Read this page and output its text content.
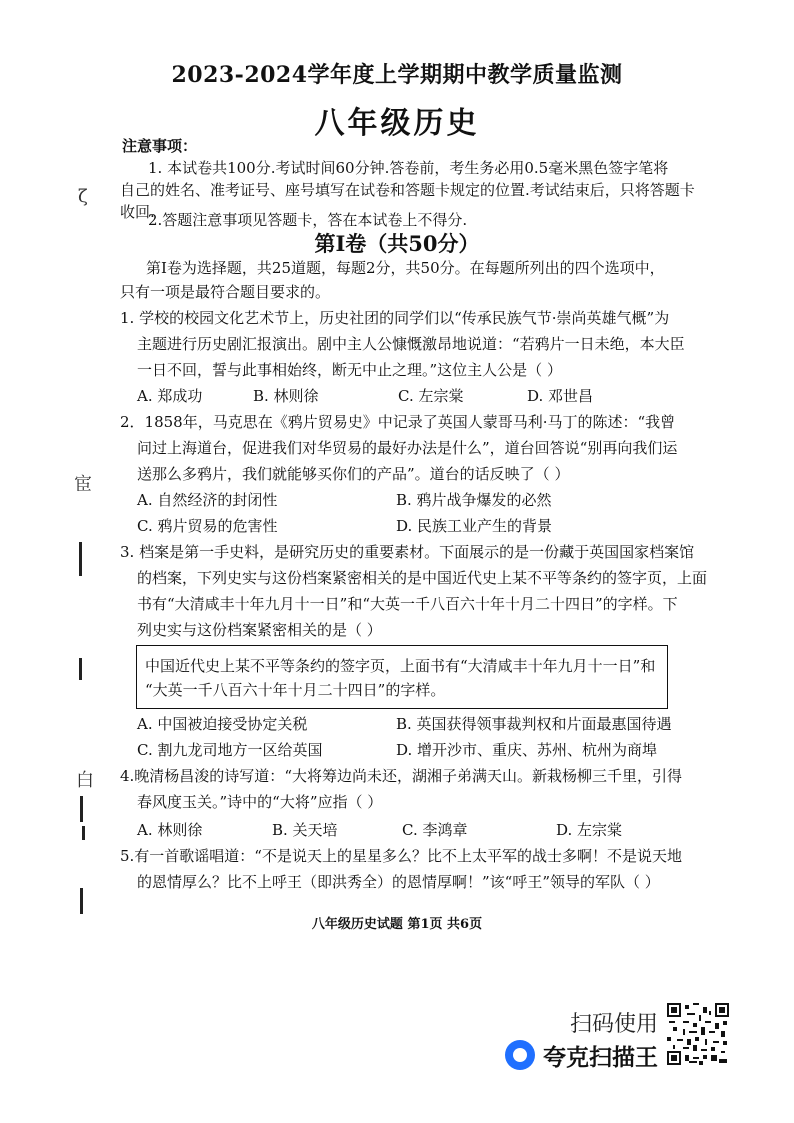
2023-2024学年度上学期期中教学质量监测
八年级历史
注意事项：
1. 本试卷共100分.考试时间60分钟.答卷前，考生务必用0.5毫米黑色签字笔将
自己的姓名、准考证号、座号填写在试卷和答题卡规定的位置.考试结束后，只将答题卡
收回.
2.答题注意事项见答题卡，答在本试卷上不得分.
第Ⅰ卷（共50分）
第Ⅰ卷为选择题，共25道题，每题2分，共50分。在每题所列出的四个选项中，
只有一项是最符合题目要求的。
1. 学校的校园文化艺术节上，历史社团的同学们以“传承民族气节·崇尚英雄气概”为
主题进行历史剧汇报演出。剧中主人公慷慨激昂地说道：“若鸦片一日未绝，本大臣
一日不回，誓与此事相始终，断无中止之理。”这位主人公是（ ）
A. 郑成功	B. 林则徐	C. 左宗棠	D. 邓世昌
2．1858年，马克思在《鸦片贸易史》中记录了英国人蒙哥马利·马丁的陈述：“我曾
问过上海道台，促进我们对华贸易的最好办法是什么”，道台回答说“别再向我们运
送那么多鸦片，我们就能够买你们的产品”。道台的话反映了（ ）
A. 自然经济的封闭性	B. 鸦片战争爆发的必然
C. 鸦片贸易的危害性	D. 民族工业产生的背景
3. 档案是第一手史料，是研究历史的重要素材。下面展示的是一份藏于英国国家档案馆
的档案，下列史实与这份档案紧密相关的是中国近代史上某不平等条约的签字页，上面
书有“大清咸丰十年九月十一日”和“大英一千八百六十年十月二十四日”的字样。下
列史实与这份档案紧密相关的是（ ）
中国近代史上某不平等条约的签字页，上面书有“大清咸丰十年九月十一日”和
“大英一千八百六十年十月二十四日”的字样。
A. 中国被迫接受协定关税	B. 英国获得领事裁判权和片面最惠国待遇
C. 割九龙司地方一区给英国	D. 增开沙市、重庆、苏州、杭州为商埠
4.晚清杨昌浚的诗写道：“大将筹边尚未还，湖湘子弟满天山。新栽杨柳三千里，引得
春风度玉关。”诗中的“大将”应指（ ）
A. 林则徐	B. 关天培	C. 李鸿章	D. 左宗棠
5.有一首歌谣唱道：“不是说天上的星星多么？比不上太平军的战士多啊！不是说天地
的恩情厚么？比不上呼王（即洪秀全）的恩情厚啊！”该“呼王”领导的军队（ ）
八年级历史试题 第1页 共6页
ζ
宦
白
扫码使用
夸克扫描王
